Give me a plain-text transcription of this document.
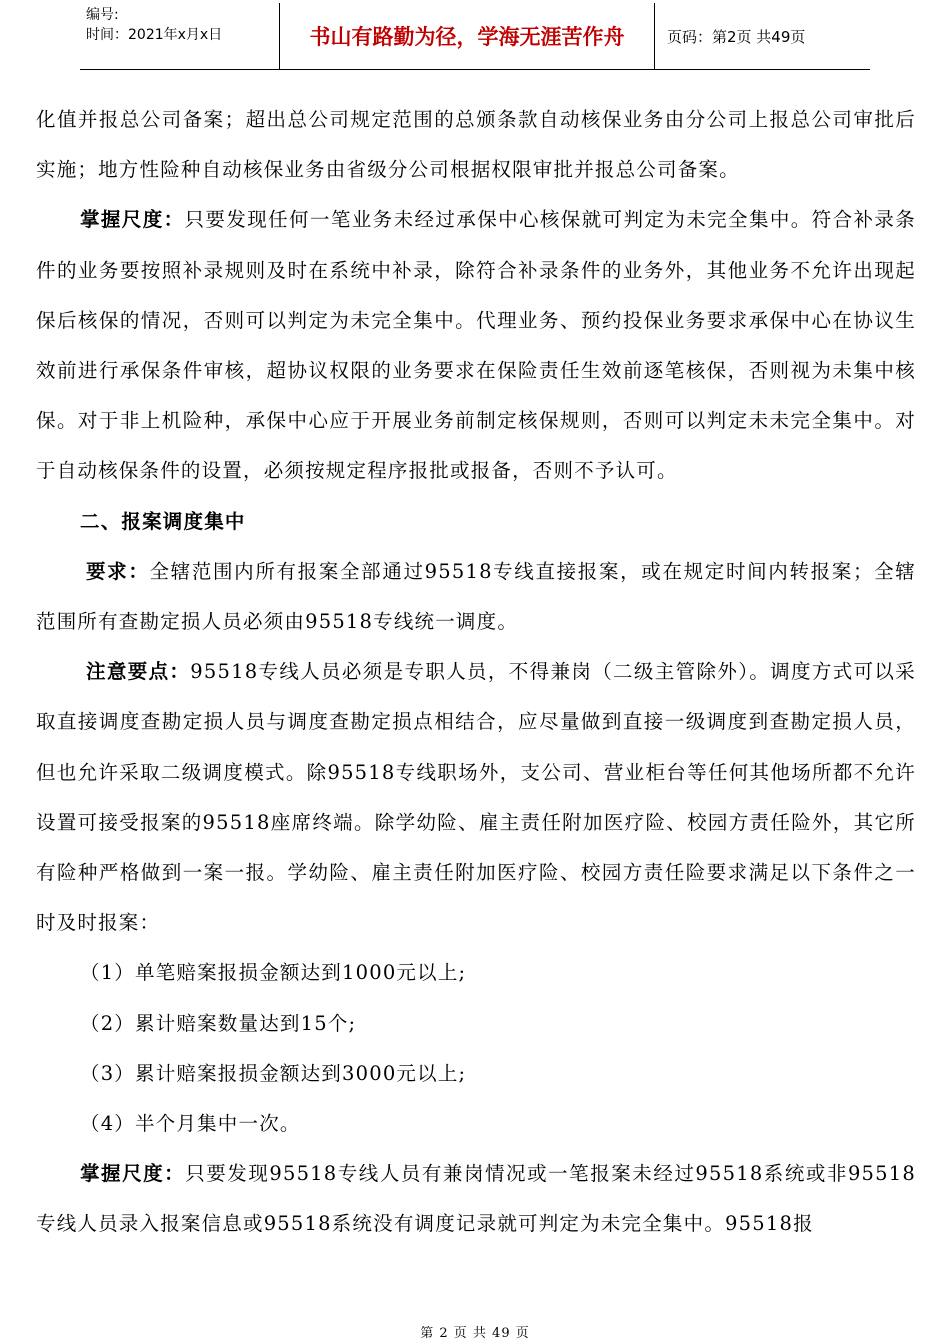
编号:
时间：2021年x月x日	书山有路勤为径，学海无涯苦作舟	页码：第2页 共49页

化值并报总公司备案；超出总公司规定范围的总颁条款自动核保业务由分公司上报总公司审批后实施；地方性险种自动核保业务由省级分公司根据权限审批并报总公司备案。

掌握尺度：只要发现任何一笔业务未经过承保中心核保就可判定为未完全集中。符合补录条件的业务要按照补录规则及时在系统中补录，除符合补录条件的业务外，其他业务不允许出现起保后核保的情况，否则可以判定为未完全集中。代理业务、预约投保业务要求承保中心在协议生效前进行承保条件审核，超协议权限的业务要求在保险责任生效前逐笔核保，否则视为未集中核保。对于非上机险种，承保中心应于开展业务前制定核保规则，否则可以判定未未完全集中。对于自动核保条件的设置，必须按规定程序报批或报备，否则不予认可。

二、报案调度集中

要求：全辖范围内所有报案全部通过95518专线直接报案，或在规定时间内转报案；全辖范围所有查勘定损人员必须由95518专线统一调度。

注意要点：95518专线人员必须是专职人员，不得兼岗（二级主管除外）。调度方式可以采取直接调度查勘定损人员与调度查勘定损点相结合，应尽量做到直接一级调度到查勘定损人员，但也允许采取二级调度模式。除95518专线职场外，支公司、营业柜台等任何其他场所都不允许设置可接受报案的95518座席终端。除学幼险、雇主责任附加医疗险、校园方责任险外，其它所有险种严格做到一案一报。学幼险、雇主责任附加医疗险、校园方责任险要求满足以下条件之一时及时报案：

（1）单笔赔案报损金额达到1000元以上;

（2）累计赔案数量达到15个;

（3）累计赔案报损金额达到3000元以上;

（4）半个月集中一次。

掌握尺度：只要发现95518专线人员有兼岗情况或一笔报案未经过95518系统或非95518专线人员录入报案信息或95518系统没有调度记录就可判定为未完全集中。95518报

第 2 页 共 49 页
